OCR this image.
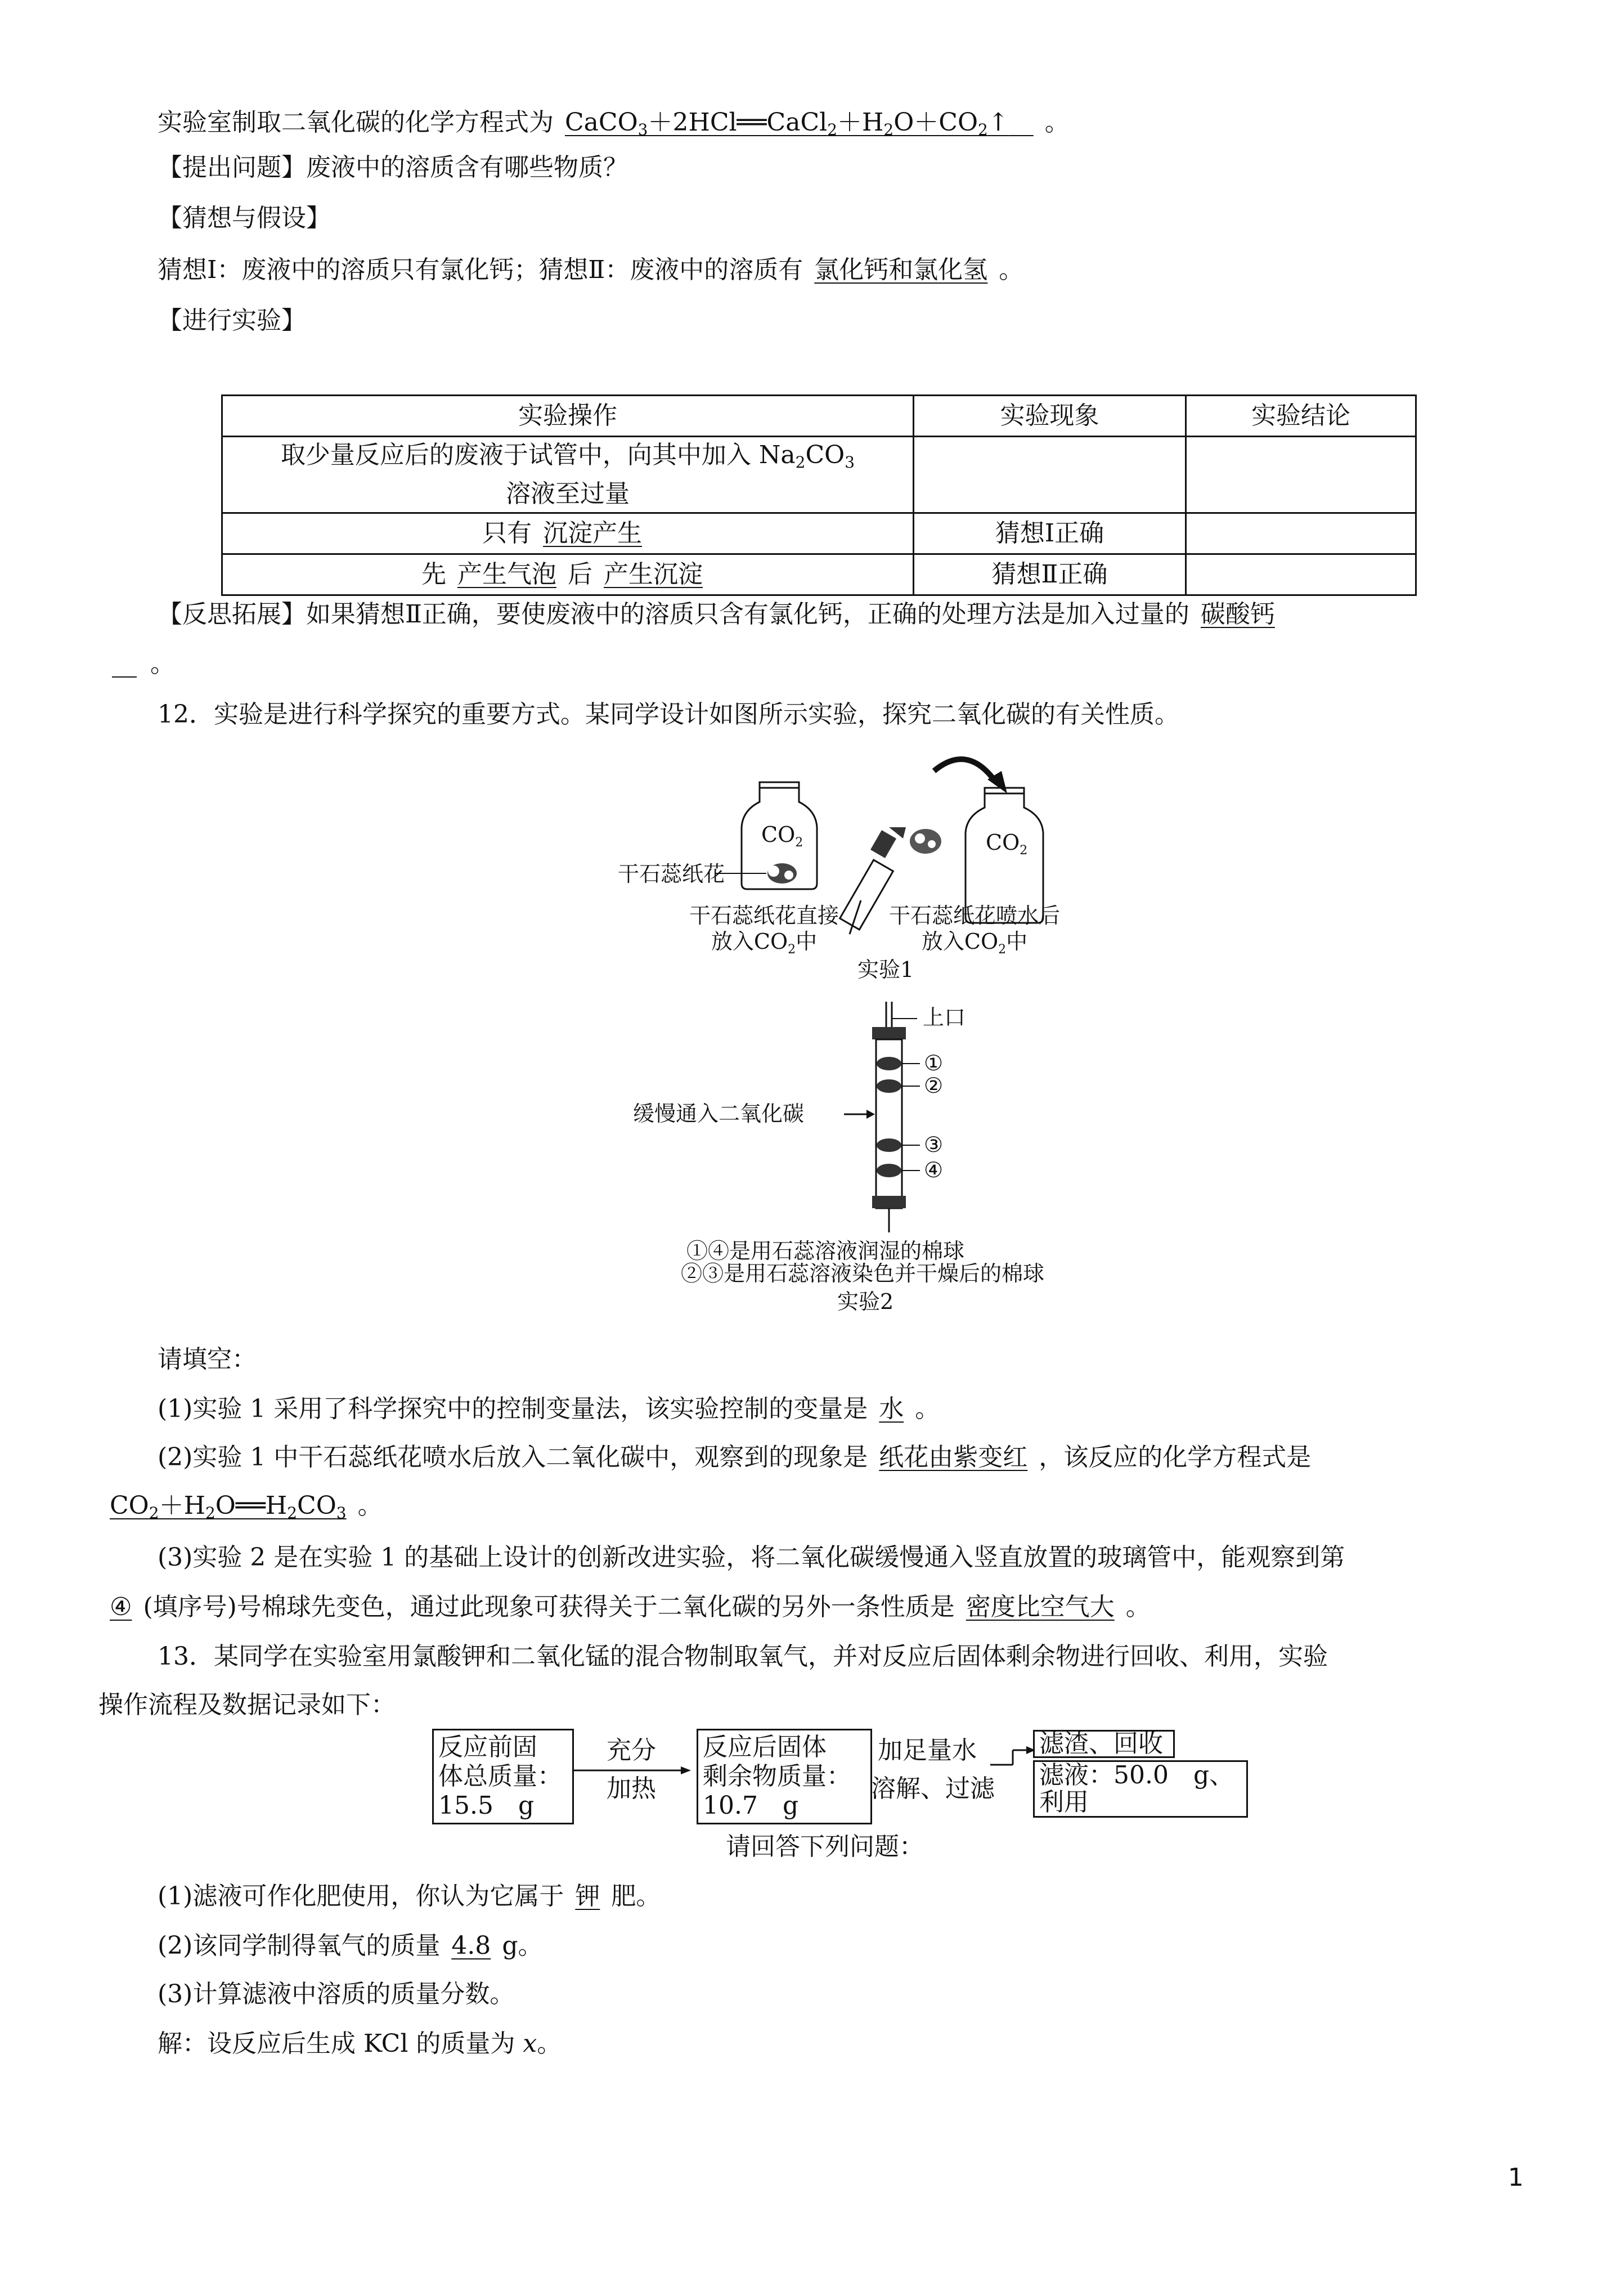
实验室制取二氧化碳的化学方程式为 $CaCO_3+2HCl══CaCl_2+H_2O+CO_2↑$　 。
【提出问题】废液中的溶质含有哪些物质？
【猜想与假设】
猜想Ⅰ：废液中的溶质只有氯化钙；猜想Ⅱ：废液中的溶质有 氯化钙和氯化氢 。
【进行实验】
实验操作	实验现象	实验结论
取少量反应后的废液于试管中，向其中加入 $Na_2CO_3$
溶液至过量		
只有 沉淀产生	猜想Ⅰ正确	
先 产生气泡 后 产生沉淀	猜想Ⅱ正确	
【反思拓展】如果猜想Ⅱ正确，要使废液中的溶质只含有氯化钙，正确的处理方法是加入过量的 碳酸钙
　。
12．实验是进行科学探究的重要方式。某同学设计如图所示实验，探究二氧化碳的有关性质。
$CO_2$	$CO_2$
干石蕊纸花
干石蕊纸花直接
放入$CO_2$中
干石蕊纸花喷水后
放入$CO_2$中
实验1
上口
①
②
③
④
缓慢通入二氧化碳
①④是用石蕊溶液润湿的棉球
②③是用石蕊溶液染色并干燥后的棉球
实验2
请填空：
(1)实验 1 采用了科学探究中的控制变量法，该实验控制的变量是 水 。
(2)实验 1 中干石蕊纸花喷水后放入二氧化碳中，观察到的现象是 纸花由紫变红 ，该反应的化学方程式是
$CO_2+H_2O══H_2CO_3$ 。
(3)实验 2 是在实验 1 的基础上设计的创新改进实验，将二氧化碳缓慢通入竖直放置的玻璃管中，能观察到第
④ (填序号)号棉球先变色，通过此现象可获得关于二氧化碳的另外一条性质是 密度比空气大 。
13．某同学在实验室用氯酸钾和二氧化锰的混合物制取氧气，并对反应后固体剩余物进行回收、利用，实验
操作流程及数据记录如下：
反应前固
体总质量：
15.5　g
充分
加热
反应后固体
剩余物质量：
10.7　g
加足量水
溶解、过滤
滤渣、回收
滤液：50.0　g、
利用
请回答下列问题：
(1)滤液可作化肥使用，你认为它属于 钾 肥。
(2)该同学制得氧气的质量 4.8 g。
(3)计算滤液中溶质的质量分数。
解：设反应后生成 KCl 的质量为 x。
1
